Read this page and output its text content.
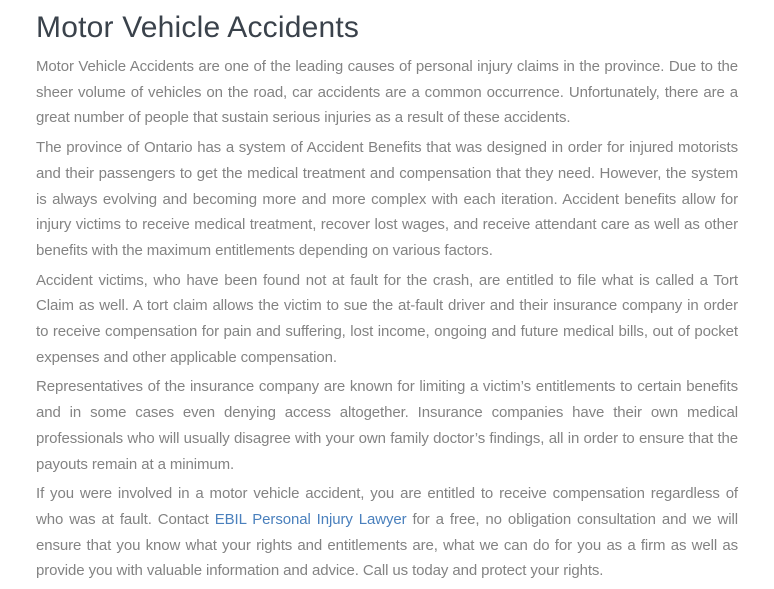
Motor Vehicle Accidents

Motor Vehicle Accidents are one of the leading causes of personal injury claims in the province. Due to the sheer volume of vehicles on the road, car accidents are a common occurrence. Unfortunately, there are a great number of people that sustain serious injuries as a result of these accidents.

The province of Ontario has a system of Accident Benefits that was designed in order for injured motorists and their passengers to get the medical treatment and compensation that they need. However, the system is always evolving and becoming more and more complex with each iteration. Accident benefits allow for injury victims to receive medical treatment, recover lost wages, and receive attendant care as well as other benefits with the maximum entitlements depending on various factors.

Accident victims, who have been found not at fault for the crash, are entitled to file what is called a Tort Claim as well. A tort claim allows the victim to sue the at-fault driver and their insurance company in order to receive compensation for pain and suffering, lost income, ongoing and future medical bills, out of pocket expenses and other applicable compensation.

Representatives of the insurance company are known for limiting a victim’s entitlements to certain benefits and in some cases even denying access altogether. Insurance companies have their own medical professionals who will usually disagree with your own family doctor’s findings, all in order to ensure that the payouts remain at a minimum.

If you were involved in a motor vehicle accident, you are entitled to receive compensation regardless of who was at fault. Contact EBIL Personal Injury Lawyer for a free, no obligation consultation and we will ensure that you know what your rights and entitlements are, what we can do for you as a firm as well as provide you with valuable information and advice. Call us today and protect your rights.
